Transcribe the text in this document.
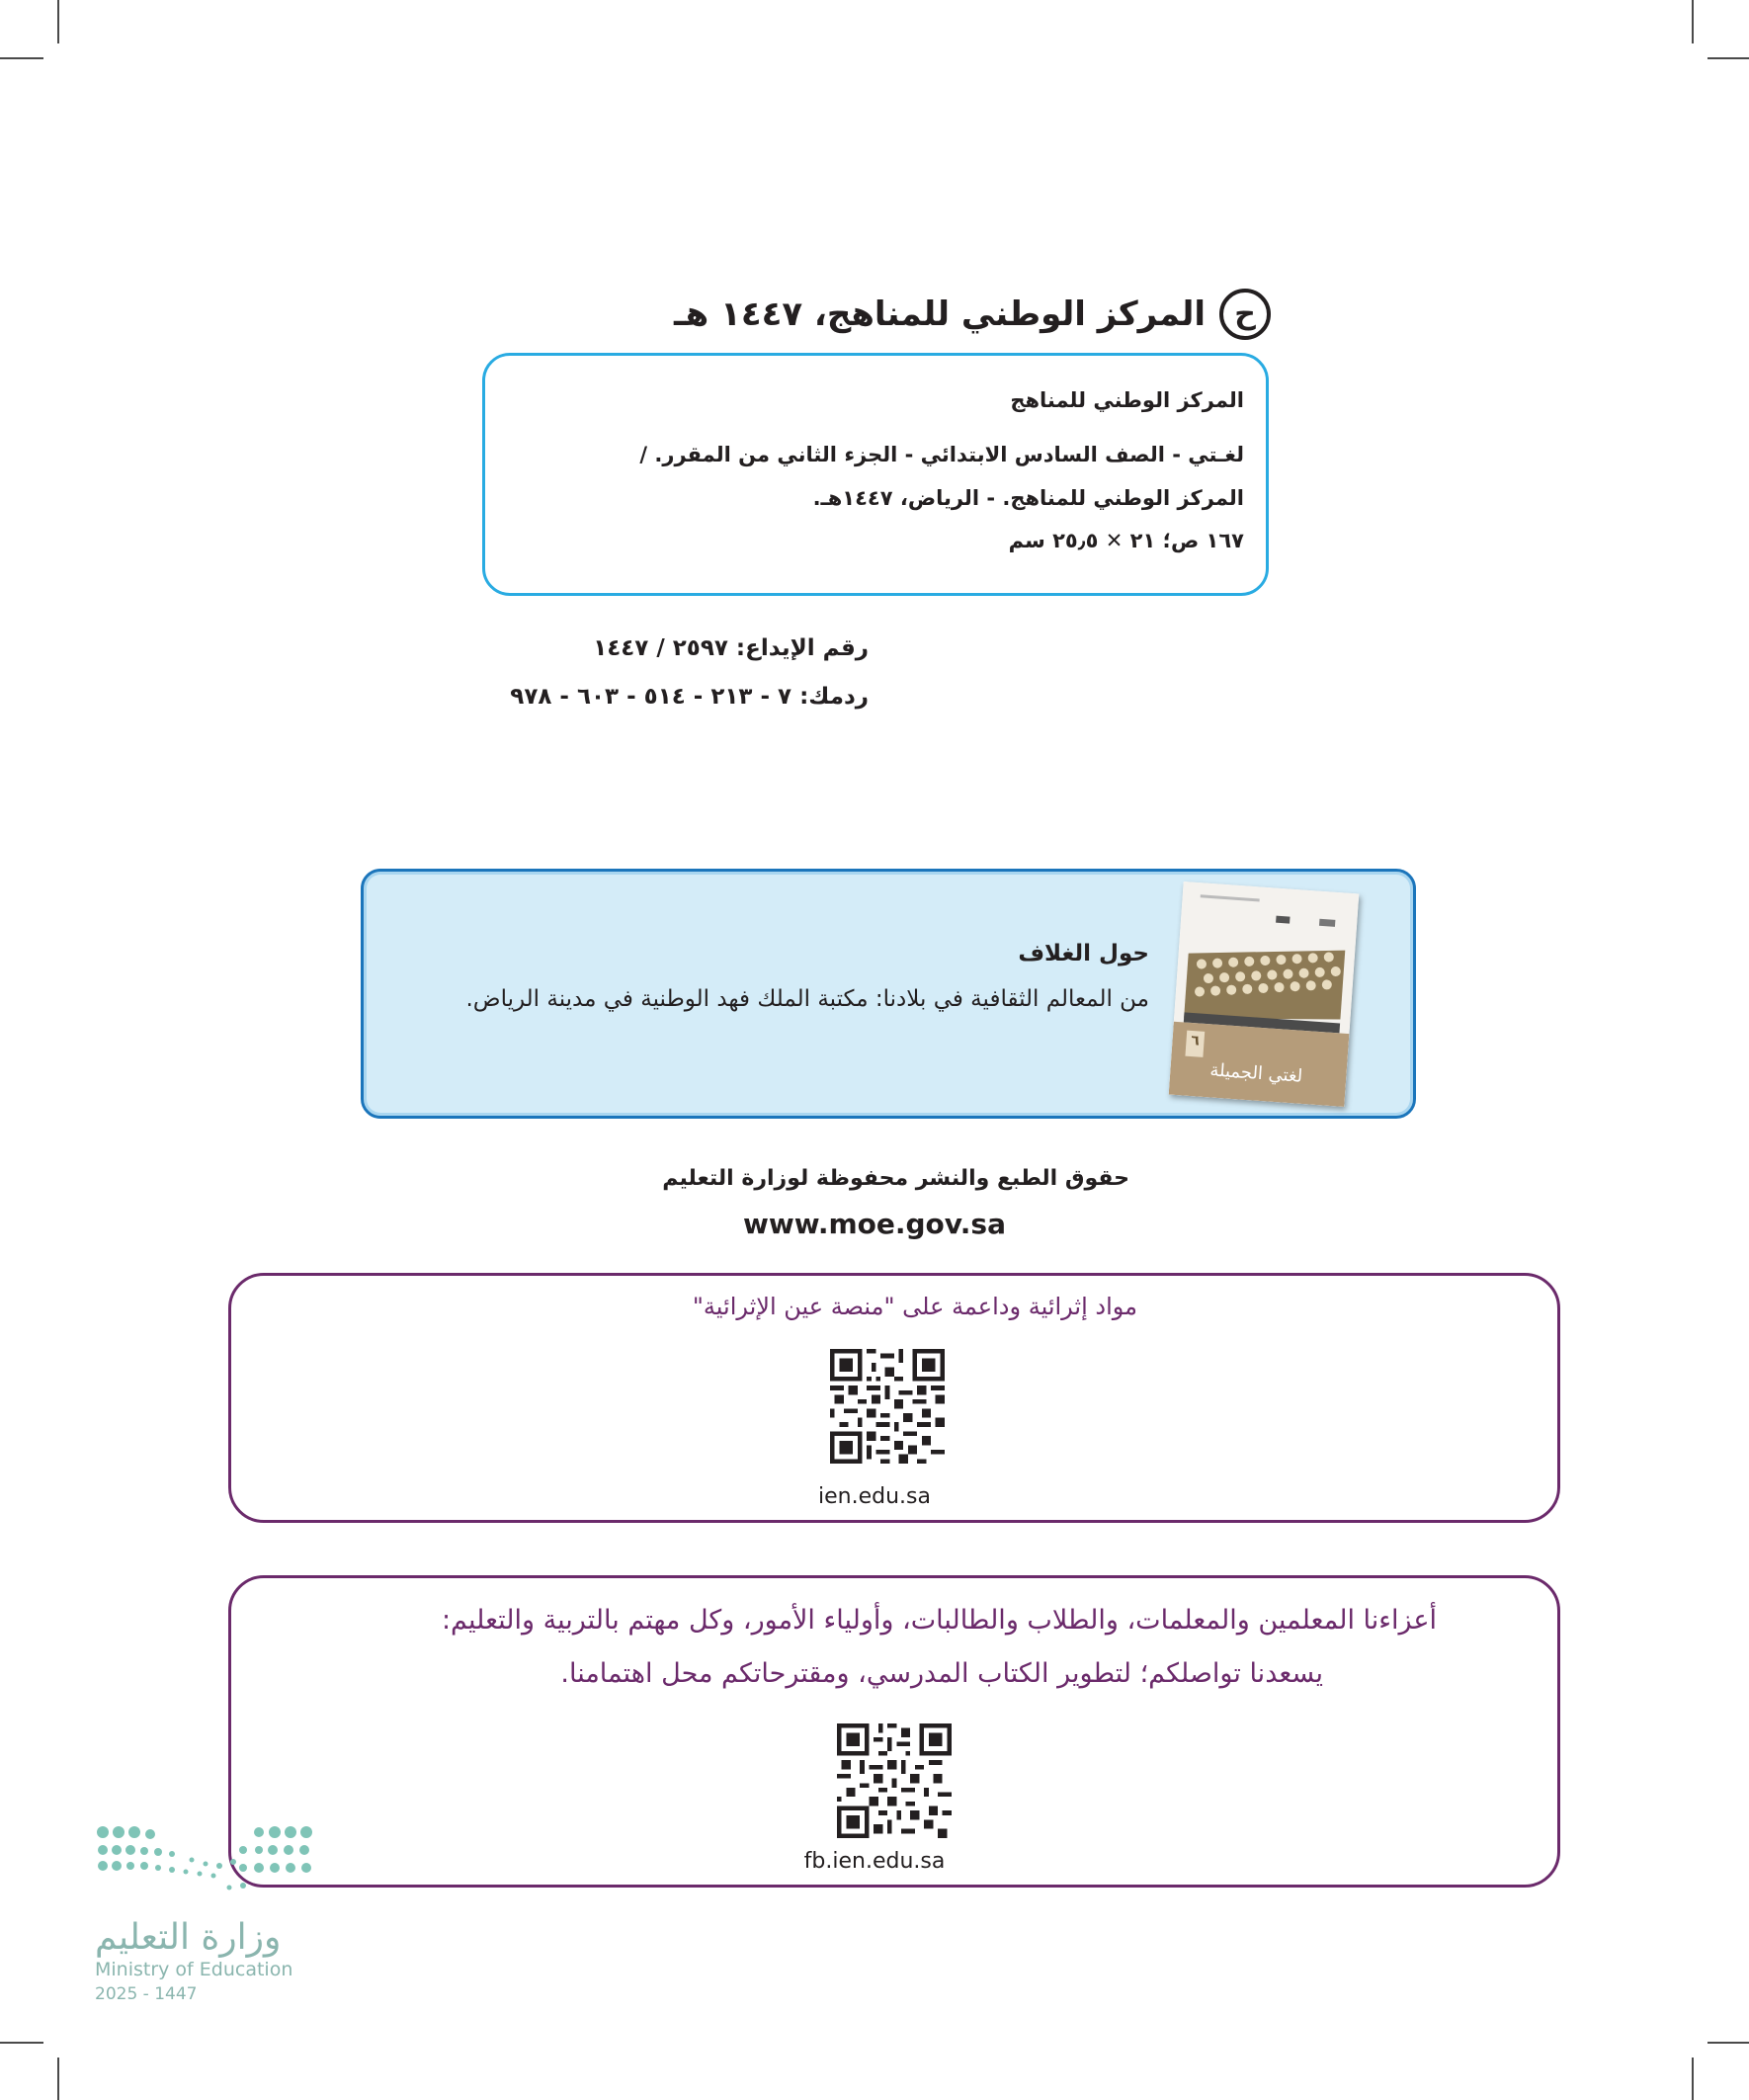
ح
المركز الوطني للمناهج، ١٤٤٧ هـ
المركز الوطني للمناهج
لغـتي - الصف السادس الابتدائي - الجزء الثاني من المقرر. /
المركز الوطني للمناهج. - الرياض، ١٤٤٧هـ.
١٦٧ ص؛ ٢١ ✕ ٢٥٫٥ سم
رقم الإيداع: ٢٥٩٧ / ١٤٤٧
ردمك: ٧ - ٢١٣ - ٥١٤ - ٦٠٣ - ٩٧٨
حول الغلاف
من المعالم الثقافية في بلادنا: مكتبة الملك فهد الوطنية في مدينة الرياض.
٦
لغتي الجميلة
حقوق الطبع والنشر محفوظة لوزارة التعليم
www.moe.gov.sa
مواد إثرائية وداعمة على "منصة عين الإثرائية"
ien.edu.sa
أعزاءنا المعلمين والمعلمات، والطلاب والطالبات، وأولياء الأمور، وكل مهتم بالتربية والتعليم:
يسعدنا تواصلكم؛ لتطوير الكتاب المدرسي، ومقترحاتكم محل اهتمامنا.
fb.ien.edu.sa
وزارة التعليم
Ministry of Education
2025 - 1447
